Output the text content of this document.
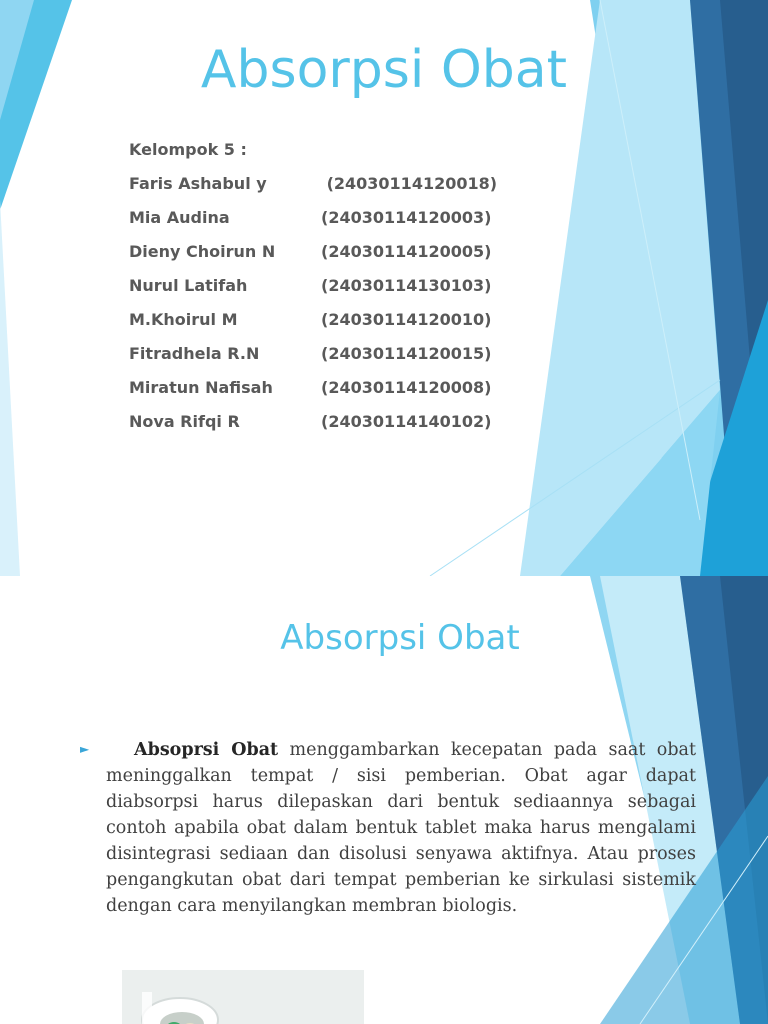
Absorpsi Obat
Kelompok 5 :
Faris Ashabul y	(24030114120018)
Mia Audina	(24030114120003)
Dieny Choirun N	(24030114120005)
Nurul Latifah	(24030114130103)
M.Khoirul M	(24030114120010)
Fitradhela R.N	(24030114120015)
Miratun Nafisah	(24030114120008)
Nova Rifqi R	(24030114140102)
Absorpsi Obat
►	Absoprsi Obat menggambarkan kecepatan pada saat obat meninggalkan tempat / sisi pemberian. Obat agar dapat diabsorpsi harus dilepaskan dari bentuk sediaannya sebagai contoh apabila obat dalam bentuk tablet maka harus mengalami disintegrasi sediaan dan disolusi senyawa aktifnya. Atau proses pengangkutan obat dari tempat pemberian ke sirkulasi sistemik dengan cara menyilangkan membran biologis.
